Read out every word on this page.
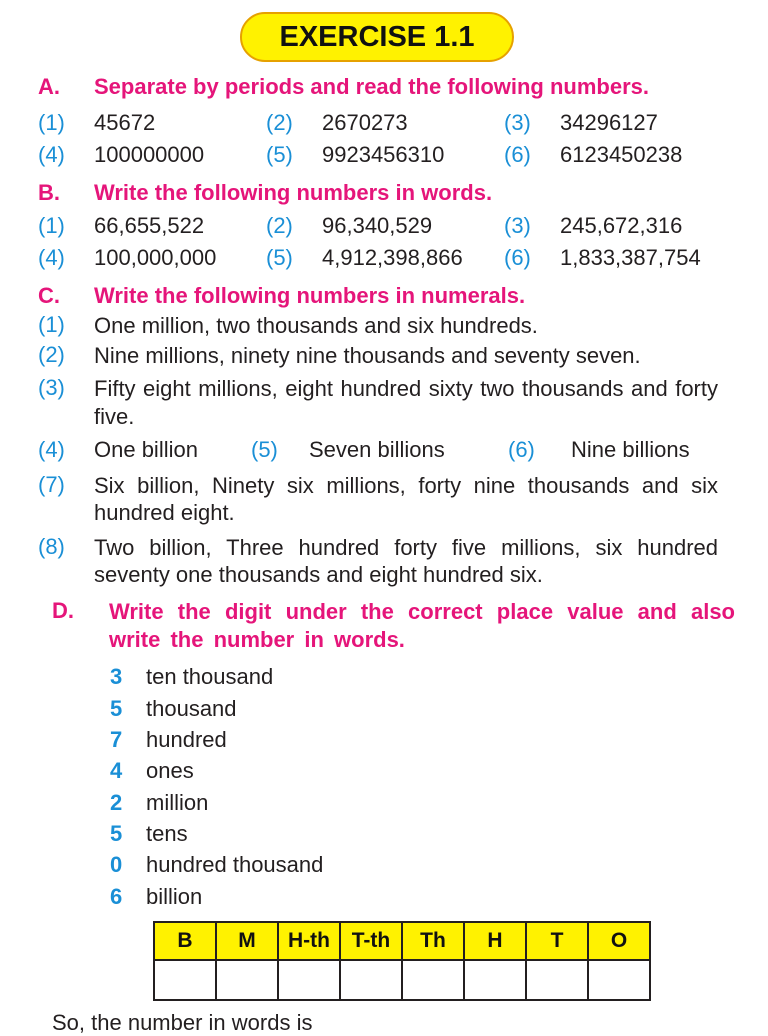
EXERCISE 1.1
A. Separate by periods and read the following numbers.
(1) 45672	(2) 2670273	(3) 34296127
(4) 100000000	(5) 9923456310	(6) 6123450238
B. Write the following numbers in words.
(1) 66,655,522	(2) 96,340,529	(3) 245,672,316
(4) 100,000,000 (5) 4,912,398,866 (6) 1,833,387,754
C. Write the following numbers in numerals.
(1) One million, two thousands and six hundreds.
(2) Nine millions, ninety nine thousands and seventy seven.
(3) Fifty eight millions, eight hundred sixty two thousands and forty five.
(4) One billion (5) Seven billions	(6) Nine billions
(7) Six billion, Ninety six millions, forty nine thousands and six hundred eight.
(8) Two billion, Three hundred forty five millions, six hundred seventy one thousands and eight hundred six.
D. Write the digit under the correct place value and also write the number in words.
3 ten thousand
5 thousand
7 hundred
4 ones
2 million
5 tens
0 hundred thousand
6 billion
B	M	H-th	T-th	Th	H	T	O

So, the number in words is
